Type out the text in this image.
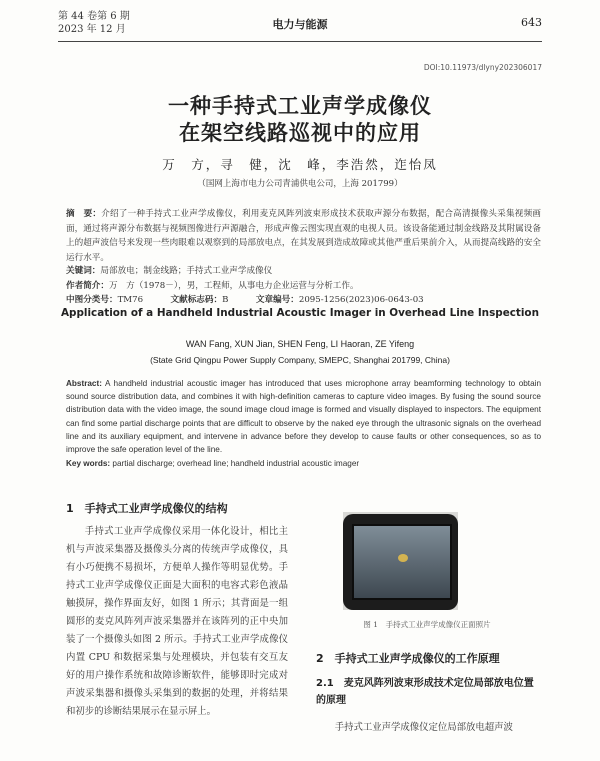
第 44 卷第 6 期
2023 年 12 月	电力与能源	643
DOI:10.11973/dlyny202306017
一种手持式工业声学成像仪
在架空线路巡视中的应用
万　方，寻　健，沈　峰，李浩然，迮怡凤
（国网上海市电力公司青浦供电公司，上海 201799）
摘　要：介绍了一种手持式工业声学成像仪，利用麦克风阵列波束形成技术获取声源分布数据，配合高清摄像头采集视频画面，通过将声源分布数据与视频图像进行声源融合，形成声像云图实现直观的电视人员。该设备能通过制金线路及其附属设备上的超声波信号来发现一些肉眼难以观察到的局部放电点，在其发展到造成故障或其他严重后果前介入，从而提高线路的安全运行水平。
关键词：局部放电；制金线路；手持式工业声学成像仪
作者简介：万　方（1978－），男，工程师，从事电力企业运营与分析工作。
中图分类号：TM76	文献标志码：B	文章编号：2095-1256(2023)06-0643-03
Application of a Handheld Industrial Acoustic Imager in Overhead Line Inspection
WAN Fang, XUN Jian, SHEN Feng, LI Haoran, ZE Yifeng
(State Grid Qingpu Power Supply Company, SMEPC, Shanghai 201799, China)
Abstract: A handheld industrial acoustic imager has introduced that uses microphone array beamforming technology to obtain sound source distribution data, and combines it with high-definition cameras to capture video images. By fusing the sound source distribution data with the video image, the sound image cloud image is formed and visually displayed to inspectors. The equipment can find some partial discharge points that are difficult to observe by the naked eye through the ultrasonic signals on the overhead line and its auxiliary equipment, and intervene in advance before they develop to cause faults or other consequences, so as to improve the safe operation level of the line.
Key words: partial discharge; overhead line; handheld industrial acoustic imager
1　手持式工业声学成像仪的结构
手持式工业声学成像仪采用一体化设计，相比主机与声波采集器及摄像头分离的传统声学成像仪，具有小巧便携不易损坏，方便单人操作等明显优势。手持式工业声学成像仪正面是大面积的电容式彩色液晶触摸屏，操作界面友好，如图 1 所示；其背面是一组圆形的麦克风阵列声波采集器并在该阵列的正中央加装了一个摄像头如图 2 所示。手持式工业声学成像仪内置 CPU 和数据采集与处理模块，并包装有交互友好的用户操作系统和故障诊断软件，能够即时完成对声波采集器和摄像头采集到的数据的处理，并将结果和初步的诊断结果展示在显示屏上。
图 1　手持式工业声学成像仪正面照片
2　手持式工业声学成像仪的工作原理
2.1　麦克风阵列波束形成技术定位局部放电位置的原理
手持式工业声学成像仪定位局部放电超声波
